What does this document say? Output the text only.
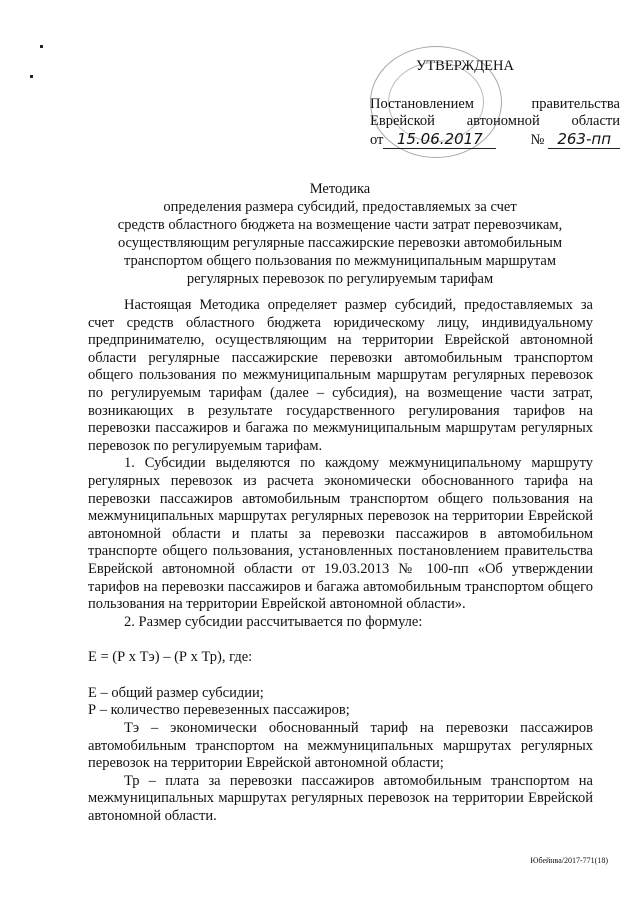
УТВЕРЖДЕНА
Постановлением	правительства
Еврейской автономной области
от 15.06.2017	№ 263-пп
Методика
определения размера субсидий, предоставляемых за счет
средств областного бюджета на возмещение части затрат перевозчикам,
осуществляющим регулярные пассажирские перевозки автомобильным
транспортом общего пользования по межмуниципальным маршрутам
регулярных перевозок по регулируемым тарифам

Настоящая Методика определяет размер субсидий, предоставляемых за счет средств областного бюджета юридическому лицу, индивидуальному предпринимателю, осуществляющим на территории Еврейской автономной области регулярные пассажирские перевозки автомобильным транспортом общего пользования по межмуниципальным маршрутам регулярных перевозок по регулируемым тарифам (далее – субсидия), на возмещение части затрат, возникающих в результате государственного регулирования тарифов на перевозки пассажиров и багажа по межмуниципальным маршрутам регулярных перевозок по регулируемым тарифам.

1. Субсидии выделяются по каждому межмуниципальному маршруту регулярных перевозок из расчета экономически обоснованного тарифа на перевозки пассажиров автомобильным транспортом общего пользования на межмуниципальных маршрутах регулярных перевозок на территории Еврейской автономной области и платы за перевозки пассажиров в автомобильном транспорте общего пользования, установленных постановлением правительства Еврейской автономной области от 19.03.2013 № 100-пп «Об утверждении тарифов на перевозки пассажиров и багажа автомобильным транспортом общего пользования на территории Еврейской автономной области».

2. Размер субсидии рассчитывается по формуле:

Е = (Р х Тэ) – (Р х Тр), где:

Е – общий размер субсидии;

Р – количество перевезенных пассажиров;

Тэ – экономически обоснованный тариф на перевозки пассажиров автомобильным транспортом на межмуниципальных маршрутах регулярных перевозок на территории Еврейской автономной области;

Тр – плата за перевозки пассажиров автомобильным транспортом на межмуниципальных маршрутах регулярных перевозок на территории Еврейской автономной области.

Юбейнва/2017-771(18)
